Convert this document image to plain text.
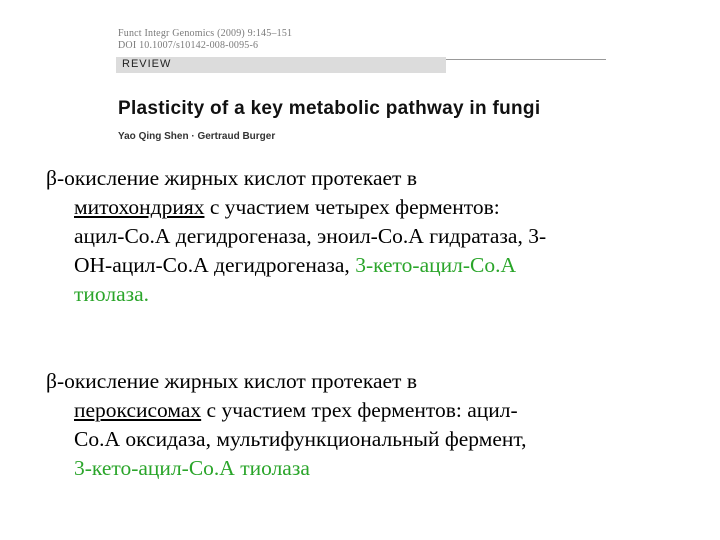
Funct Integr Genomics (2009) 9:145–151
DOI 10.1007/s10142-008-0095-6
REVIEW
Plasticity of a key metabolic pathway in fungi
Yao Qing Shen · Gertraud Burger
β-окисление жирных кислот протекает в
митохондриях с участием четырех ферментов:
ацил-Со.А дегидрогеназа, эноил-Со.А гидратаза, 3-
ОН-ацил-Со.А дегидрогеназа, 3-кето-ацил-Со.А
тиолаза.
β-окисление жирных кислот протекает в
пероксисомах с участием трех ферментов: ацил-
Со.А оксидаза, мультифункциональный фермент,
3-кето-ацил-Со.А тиолаза
